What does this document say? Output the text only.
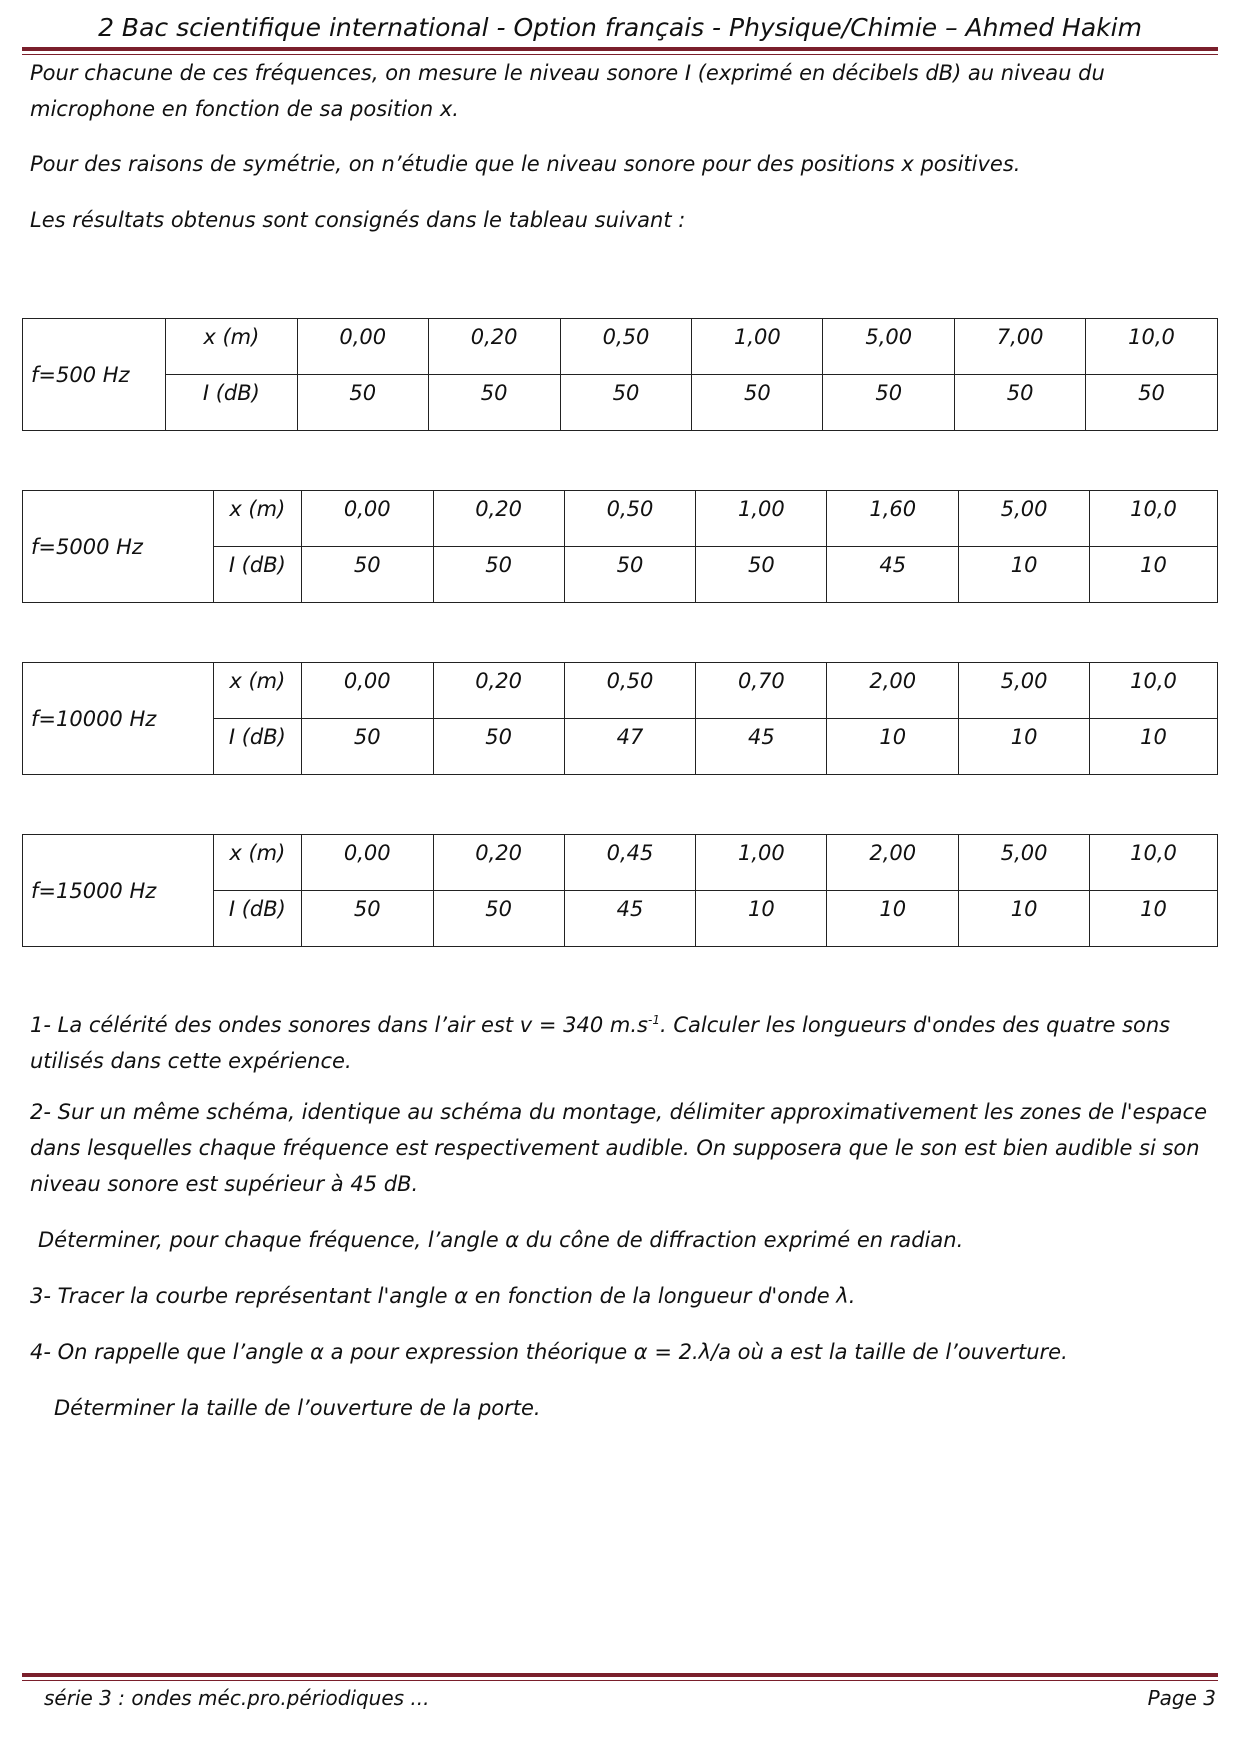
2 Bac scientifique international - Option français - Physique/Chimie – Ahmed Hakim

Pour chacune de ces fréquences, on mesure le niveau sonore I (exprimé en décibels dB) au niveau du microphone en fonction de sa position x.

Pour des raisons de symétrie, on n’étudie que le niveau sonore pour des positions x positives.

Les résultats obtenus sont consignés dans le tableau suivant :

f=500 Hz	x (m)	0,00	0,20	0,50	1,00	5,00	7,00	10,0
	I (dB)	50	50	50	50	50	50	50
f=5000 Hz	x (m)	0,00	0,20	0,50	1,00	1,60	5,00	10,0
	I (dB)	50	50	50	50	45	10	10
f=10000 Hz	x (m)	0,00	0,20	0,50	0,70	2,00	5,00	10,0
	I (dB)	50	50	47	45	10	10	10
f=15000 Hz	x (m)	0,00	0,20	0,45	1,00	2,00	5,00	10,0
	I (dB)	50	50	45	10	10	10	10

1- La célérité des ondes sonores dans l’air est v = 340 $m.s^{-1}$. Calculer les longueurs d'ondes des quatre sons utilisés dans cette expérience.

2- Sur un même schéma, identique au schéma du montage, délimiter approximativement les zones de l'espace dans lesquelles chaque fréquence est respectivement audible. On supposera que le son est bien audible si son niveau sonore est supérieur à 45 dB.

Déterminer, pour chaque fréquence, l’angle α du cône de diffraction exprimé en radian.

3- Tracer la courbe représentant l'angle α en fonction de la longueur d'onde λ.

4- On rappelle que l’angle α a pour expression théorique α = 2.λ/a où a est la taille de l’ouverture.

Déterminer la taille de l’ouverture de la porte.

série 3 : ondes méc.pro.périodiques ...	Page 3
